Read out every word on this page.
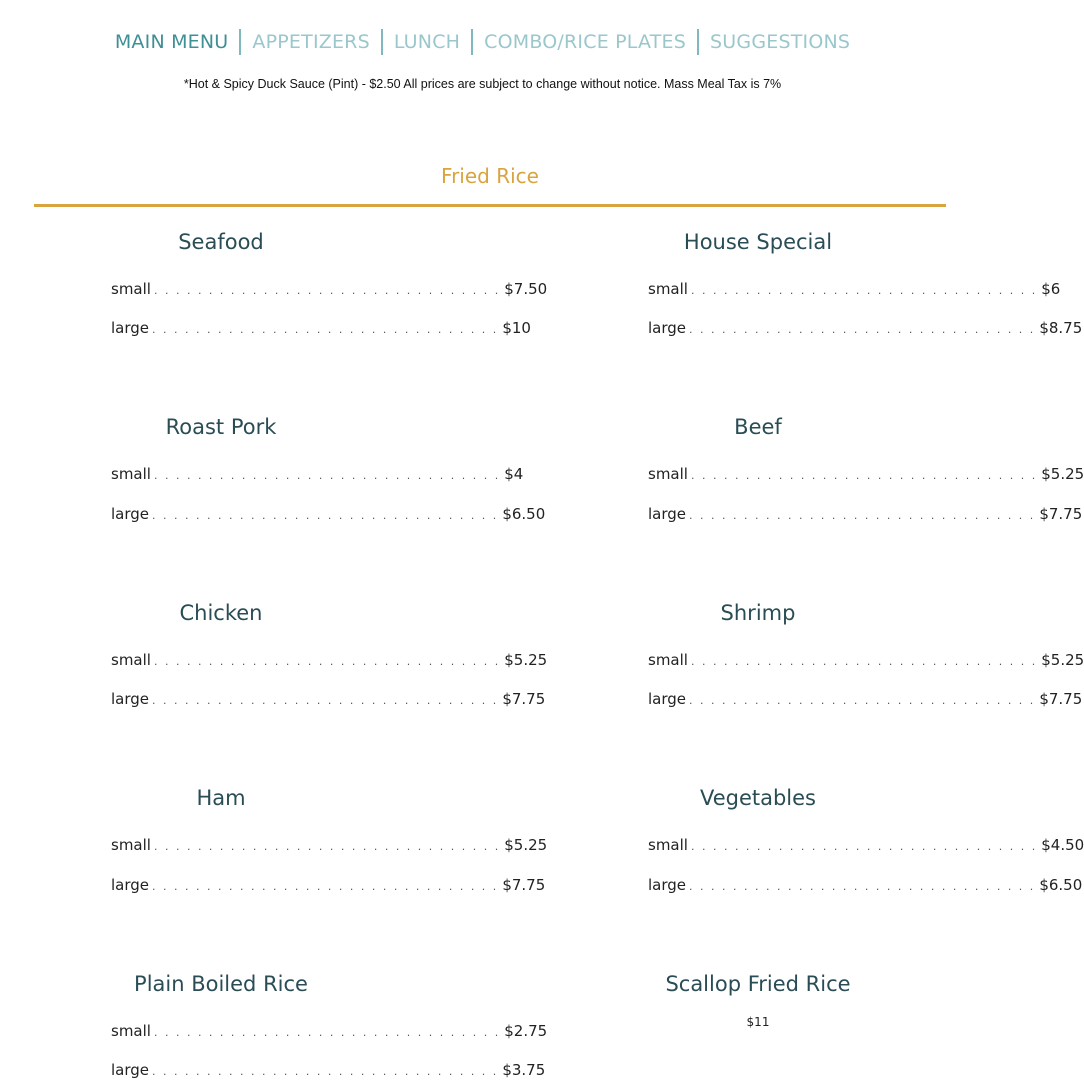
MAIN MENU	APPETIZERS	LUNCH	COMBO/RICE PLATES	SUGGESTIONS
*Hot & Spicy Duck Sauce (Pint) - $2.50 All prices are subject to change without notice. Mass Meal Tax is 7%
Fried Rice
Seafood
small . . . . . . . . . . . . . . . . . . . . . . . . . . . . . . . . $7.50
large . . . . . . . . . . . . . . . . . . . . . . . . . . . . . . . . $10
House Special
small . . . . . . . . . . . . . . . . . . . . . . . . . . . . . . . . $6
large . . . . . . . . . . . . . . . . . . . . . . . . . . . . . . . . $8.75
Roast Pork
small . . . . . . . . . . . . . . . . . . . . . . . . . . . . . . . . $4
large . . . . . . . . . . . . . . . . . . . . . . . . . . . . . . . . $6.50
Beef
small . . . . . . . . . . . . . . . . . . . . . . . . . . . . . . . . $5.25
large . . . . . . . . . . . . . . . . . . . . . . . . . . . . . . . . $7.75
Chicken
small . . . . . . . . . . . . . . . . . . . . . . . . . . . . . . . . $5.25
large . . . . . . . . . . . . . . . . . . . . . . . . . . . . . . . . $7.75
Shrimp
small . . . . . . . . . . . . . . . . . . . . . . . . . . . . . . . . $5.25
large . . . . . . . . . . . . . . . . . . . . . . . . . . . . . . . . $7.75
Ham
small . . . . . . . . . . . . . . . . . . . . . . . . . . . . . . . . $5.25
large . . . . . . . . . . . . . . . . . . . . . . . . . . . . . . . . $7.75
Vegetables
small . . . . . . . . . . . . . . . . . . . . . . . . . . . . . . . . $4.50
large . . . . . . . . . . . . . . . . . . . . . . . . . . . . . . . . $6.50
Plain Boiled Rice
small . . . . . . . . . . . . . . . . . . . . . . . . . . . . . . . . $2.75
large . . . . . . . . . . . . . . . . . . . . . . . . . . . . . . . . $3.75
Scallop Fried Rice
$11
